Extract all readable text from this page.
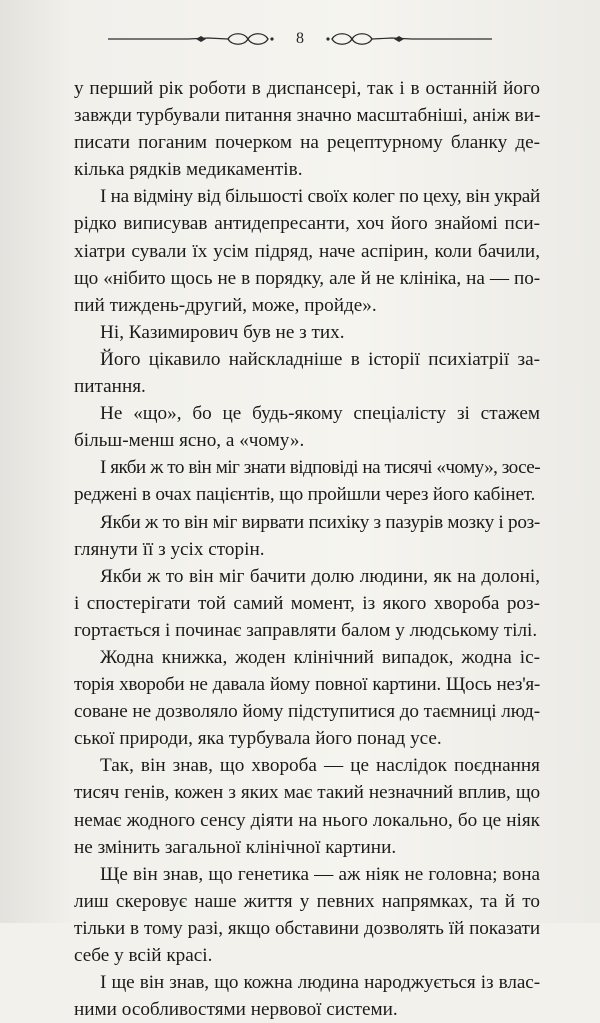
8
у перший рік роботи в диспансері, так і в останній його
завжди турбували питання значно масштабніші, аніж ви-
писати поганим почерком на рецептурному бланку де-
кілька рядків медикаментів.
І на відміну від більшості своїх колег по цеху, він украй
рідко виписував антидепресанти, хоч його знайомі пси-
хіатри сували їх усім підряд, наче аспірин, коли бачили,
що «нібито щось не в порядку, але й не клініка, на — по-
пий тиждень-другий, може, пройде».
Ні, Казимирович був не з тих.
Його цікавило найскладніше в історії психіатрії за-
питання.
Не «що», бо це будь-якому спеціалісту зі стажем
більш-менш ясно, а «чому».
І якби ж то він міг знати відповіді на тисячі «чому», зосе-
реджені в очах пацієнтів, що пройшли через його кабінет.
Якби ж то він міг вирвати психіку з пазурів мозку і роз-
глянути її з усіх сторін.
Якби ж то він міг бачити долю людини, як на долоні,
і спостерігати той самий момент, із якого хвороба роз-
гортається і починає заправляти балом у людському тілі.
Жодна книжка, жоден клінічний випадок, жодна іс-
торія хвороби не давала йому повної картини. Щось нез'я-
соване не дозволяло йому підступитися до таємниці люд-
ської природи, яка турбувала його понад усе.
Так, він знав, що хвороба — це наслідок поєднання
тисяч генів, кожен з яких має такий незначний вплив, що
немає жодного сенсу діяти на нього локально, бо це ніяк
не змінить загальної клінічної картини.
Ще він знав, що генетика — аж ніяк не головна; вона
лиш скеровує наше життя у певних напрямках, та й то
тільки в тому разі, якщо обставини дозволять їй показати
себе у всій красі.
І ще він знав, що кожна людина народжується із влас-
ними особливостями нервової системи.
